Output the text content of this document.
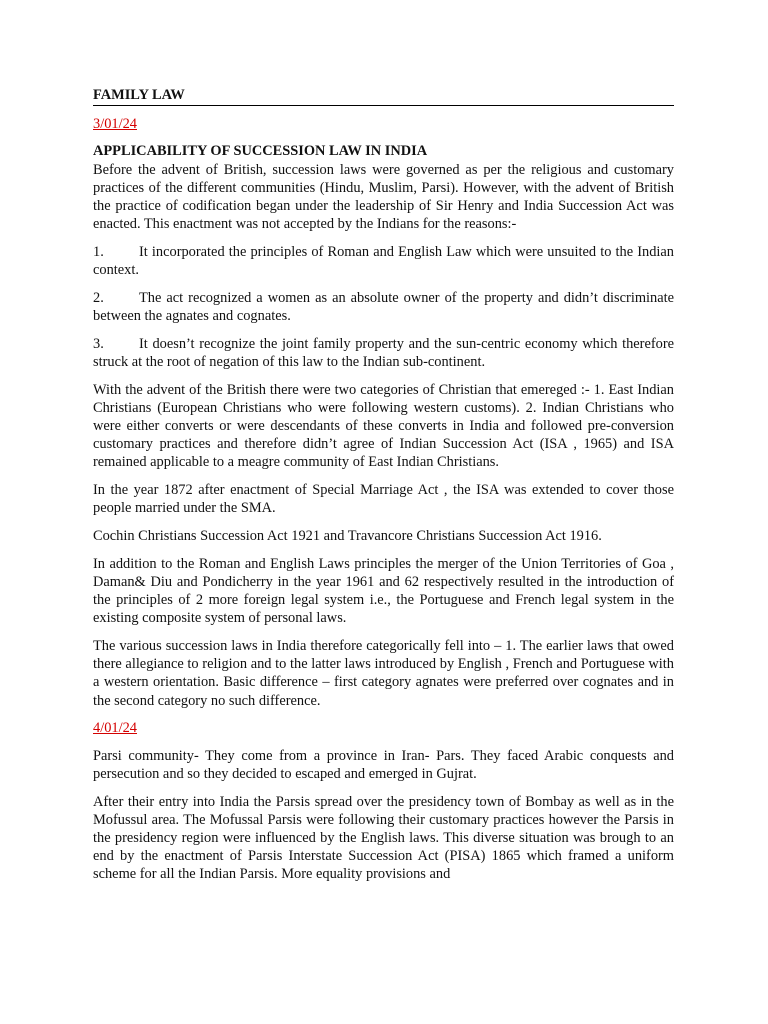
FAMILY LAW
3/01/24
APPLICABILITY OF SUCCESSION LAW IN INDIA

Before the advent of British, succession laws were governed as per the religious and customary practices of the different communities (Hindu, Muslim, Parsi). However, with the advent of British the practice of codification began under the leadership of Sir Henry and India Succession Act was enacted. This enactment was not accepted by the Indians for the reasons:-

1. It incorporated the principles of Roman and English Law which were unsuited to the Indian context.

2. The act recognized a women as an absolute owner of the property and didn’t discriminate between the agnates and cognates.

3. It doesn’t recognize the joint family property and the sun-centric economy which therefore struck at the root of negation of this law to the Indian sub-continent.

With the advent of the British there were two categories of Christian that emereged :- 1. East Indian Christians (European Christians who were following western customs). 2. Indian Christians who were either converts or were descendants of these converts in India and followed pre-conversion customary practices and therefore didn’t agree of Indian Succession Act (ISA , 1965) and ISA remained applicable to a meagre community of East Indian Christians.

In the year 1872 after enactment of Special Marriage Act , the ISA was extended to cover those people married under the SMA.

Cochin Christians Succession Act 1921 and Travancore Christians Succession Act 1916.

In addition to the Roman and English Laws principles the merger of the Union Territories of Goa , Daman& Diu and Pondicherry in the year 1961 and 62 respectively resulted in the introduction of the principles of 2 more foreign legal system i.e., the Portuguese and French legal system in the existing composite system of personal laws.

The various succession laws in India therefore categorically fell into – 1. The earlier laws that owed there allegiance to religion and to the latter laws introduced by English , French and Portuguese with a western orientation. Basic difference – first category agnates were preferred over cognates and in the second category no such difference.

4/01/24

Parsi community- They come from a province in Iran- Pars. They faced Arabic conquests and persecution and so they decided to escaped and emerged in Gujrat.

After their entry into India the Parsis spread over the presidency town of Bombay as well as in the Mofussul area. The Mofussal Parsis were following their customary practices however the Parsis in the presidency region were influenced by the English laws. This diverse situation was brough to an end by the enactment of Parsis Interstate Succession Act (PISA) 1865 which framed a uniform scheme for all the Indian Parsis. More equality provisions and
